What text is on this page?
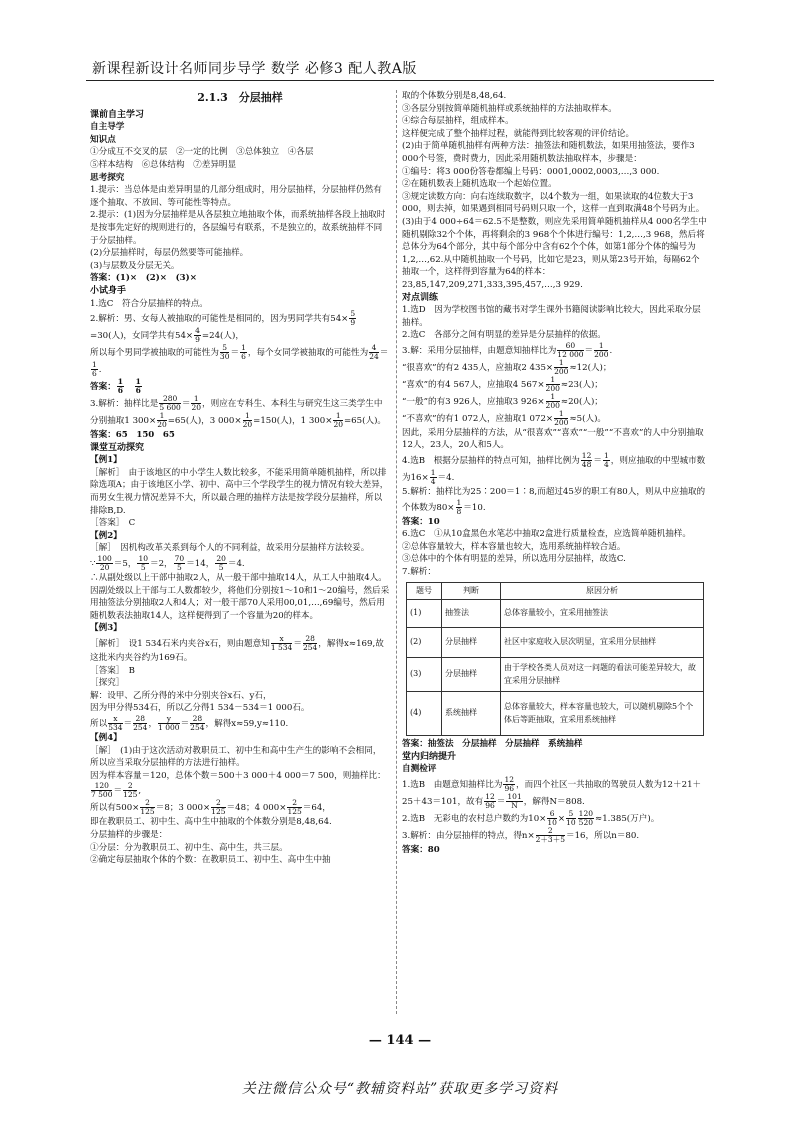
新课程新设计名师同步导学 数学 必修3 配人教A版
2.1.3　分层抽样
课前自主学习
自主导学
知识点

①分成互不交叉的层　②一定的比例　③总体独立　④各层

⑤样本结构　⑥总体结构　⑦差异明显

思考探究

1.提示：当总体是由差异明显的几部分组成时，用分层抽样，分层抽样仍然有逐个抽取、不放回、等可能性等特点。

2.提示：(1)因为分层抽样是从各层独立地抽取个体，而系统抽样各段上抽取时是按事先定好的规则进行的，各层编号有联系，不是独立的，故系统抽样不同于分层抽样。

(2)分层抽样时，每层仍然要等可能抽样。

(3)与层数及分层无关。

答案：(1)×　(2)×　(3)×

小试身手

1.选C　符合分层抽样的特点。

2.解析：男、女每人被抽取的可能性是相同的，因为男同学共有$54\times \frac{5}{9}$
=30(人)，女同学共有$54\times \frac{4}{9} =24$(人)，

所以每个男同学被抽取的可能性为 $\frac{5}{30} = \frac{1}{6}$ ，每个女同学被抽取的可能性为 $\frac{4}{24}$ ＝
$\frac{1}{6}$ .

答案： $\frac{1}{6}$
　 $\frac{1}{6}$

3.解析：抽样比是 $\frac{280}{5 600} = \frac{1}{20}$ ，则应在专科生、本科生与研究生这三类学生中分别抽取1 $300\times \frac{1}{20} =65$(人)，3 $000\times \frac{1}{20} =150$(人)，1 $300\times \frac{1}{20} =65$(人)。

答案：65　150　65

课堂互动探究
【例1】

［解析］　由于该地区的中小学生人数比较多，不能采用简单随机抽样，所以排除选项A；由于该地区小学、初中、高中三个学段学生的视力情况有较大差异，而男女生视力情况差异不大，所以最合理的抽样方法是按学段分层抽样，所以排除B,D.

［答案］　C

【例2】

［解］　因机构改革关系到每个人的不同利益，故采用分层抽样方法较妥。

∵ $\frac{100}{20} =5$， $\frac{10}{5} =2$， $\frac{70}{5} =14$， $\frac{20}{5} =4$.

∴从副处级以上干部中抽取2人，从一般干部中抽取14人，从工人中抽取4人。

因副处级以上干部与工人数都较少，将他们分别按1～10和1～20编号，然后采用抽签法分别抽取2人和4人；对一般干部70人采用00,01,…,69编号，然后用随机数表法抽取14人，这样便得到了一个容量为20的样本。

【例3】

［解析］　设1 534石米内夹谷x石，则由题意知 $\frac{x}{1 534} = \frac{28}{254}$ ，解得x≈169,故这批米内夹谷约为169石。

［答案］　B

［探究］

解：设甲、乙所分得的米中分别夹谷x石、y石，

因为甲分得534石，所以乙分得1 534－534＝1 000石。

所以 $\frac{x}{534} = \frac{28}{254}$ ， $\frac{y}{1 000} = \frac{28}{254}$ ，解得x≈59,y≈110.

【例4】

［解］　(1)由于这次活动对教职员工、初中生和高中生产生的影响不会相同，所以应当采取分层抽样的方法进行抽样。

因为样本容量＝120，总体个数＝500＋3 000＋4 000＝7 500，则抽样比：
$\frac{120}{7 500} = \frac{2}{125}$ ,

所以有$500\times \frac{2}{125} =8$；3 $000\times \frac{2}{125} =48$；4 $000\times \frac{2}{125} =64$，

即在教职员工、初中生、高中生中抽取的个体数分别是8,48,64.

分层抽样的步骤是：

①分层：分为教职员工、初中生、高中生，共三层。

②确定每层抽取个体的个数：在教职员工、初中生、高中生中抽

取的个体数分别是8,48,64.

③各层分别按简单随机抽样或系统抽样的方法抽取样本。

④综合每层抽样，组成样本。

这样便完成了整个抽样过程，就能得到比较客观的评价结论。

(2)由于简单随机抽样有两种方法：抽签法和随机数法，如果用抽签法，要作3 000个号签，费时费力，因此采用随机数法抽取样本，步骤是：

①编号：将3 000份答卷都编上号码：0001,0002,0003,…,3 000.

②在随机数表上随机选取一个起始位置。

③规定读数方向：向右连续取数字，以4个数为一组，如果读取的4位数大于3 000，则去掉，如果遇到相同号码则只取一个，这样一直到取满48个号码为止。

(3)由于4 000÷64＝62.5不是整数，则应先采用简单随机抽样从4 000名学生中随机剔除32个个体，再将剩余的3 968个个体进行编号：1,2,…,3 968，然后将总体分为64个部分，其中每个部分中含有62个个体，如第1部分个体的编号为1,2,…,62.从中随机抽取一个号码，比如它是23，则从第23号开始，每隔62个抽取一个，这样得到容量为64的样本：23,85,147,209,271,333,395,457,…,3 929.

对点训练

1.选D　因为学校图书馆的藏书对学生课外书籍阅读影响比较大，因此采取分层抽样。

2.选C　各部分之间有明显的差异是分层抽样的依据。

3.解：采用分层抽样，由题意知抽样比为 $\frac{60}{12 000} = \frac{1}{200}$ .

“很喜欢”的有2 435人，应抽取2 $435\times \frac{1}{200} \approx 12$(人)；

“喜欢”的有4 567人，应抽取4 $567\times \frac{1}{200} \approx 23$(人)；

“一般”的有3 926人，应抽取3 $926\times \frac{1}{200} \approx 20$(人)；

“不喜欢”的有1 072人，应抽取1 $072\times \frac{1}{200} \approx 5$(人)。

因此，采用分层抽样的方法，从“很喜欢”“喜欢”“一般”“不喜欢”的人中分别抽取12人，23人，20人和5人。

4.选B　根据分层抽样的特点可知，抽样比例为 $\frac{12}{48} = \frac{1}{4}$ ，则应抽取的中型城市数为$16\times \frac{1}{4} =4$.

5.解析：抽样比为25∶200＝1∶8,而超过45岁的职工有80人，则从中应抽取的个体数为$80\times \frac{1}{8} =10$.

答案：10

6.选C　①从10盒黑色水笔芯中抽取2盒进行质量检查，应选简单随机抽样。

②总体容量较大，样本容量也较大，选用系统抽样较合适。

③总体中的个体有明显的差异，所以选用分层抽样，故选C.

7.解析：

题号	判断	原因分析
(1)	抽签法	总体容量较小，宜采用抽签法
(2)	分层抽样	社区中家庭收入层次明显，宜采用分层抽样
(3)	分层抽样	由于学校各类人员对这一问题的看法可能差异较大，故宜采用分层抽样
(4)	系统抽样	总体容量较大，样本容量也较大，可以随机剔除5个个体后等距抽取，宜采用系统抽样

答案：抽签法　分层抽样　分层抽样　系统抽样

堂内归纳提升
自测检评

1.选B　由题意知抽样比为 $\frac{12}{96}$ ，而四个社区一共抽取的驾驶员人数为12＋21＋25＋43＝101，故有 $\frac{12}{96} = \frac{101}{N}$ ，解得N＝808.

2.选B　无彩电的农村总户数约为$10\times \frac{6}{10} \times \frac{5}{10} \frac{120}{520} \approx 1.385$(万户)。

3.解析：由分层抽样的特点，得$n\times \frac{2}{2+3+5} =16$，所以n＝80.

答案：80

— 144 —
关注微信公众号“教辅资料站”获取更多学习资料
